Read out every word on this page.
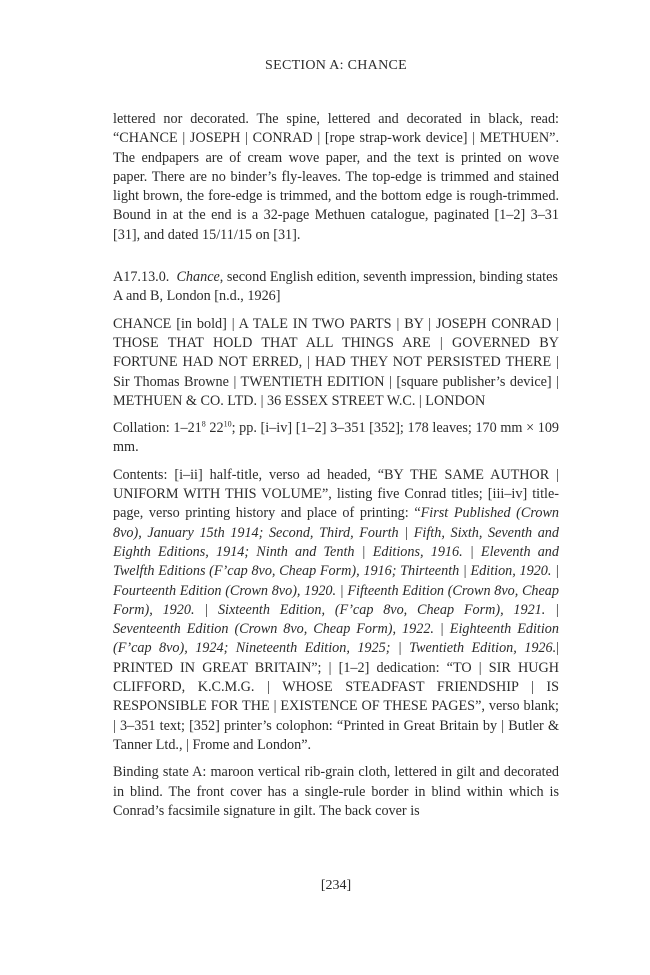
SECTION A: CHANCE

lettered nor decorated. The spine, lettered and decorated in black, read: “CHANCE | JOSEPH | CONRAD | [rope strap-work device] | METHUEN”. The endpapers are of cream wove paper, and the text is printed on wove paper. There are no binder’s fly-leaves. The top-edge is trimmed and stained light brown, the fore-edge is trimmed, and the bottom edge is rough-trimmed. Bound in at the end is a 32-page Methuen catalogue, paginated [1–2] 3–31 [31], and dated 15/11/15 on [31].

A17.13.0. Chance, second English edition, seventh impression, binding states A and B, London [n.d., 1926]

CHANCE [in bold] | A TALE IN TWO PARTS | BY | JOSEPH CONRAD | THOSE THAT HOLD THAT ALL THINGS ARE | GOVERNED BY FORTUNE HAD NOT ERRED, | HAD THEY NOT PERSISTED THERE | Sir Thomas Browne | TWENTIETH EDITION | [square publisher’s device] | METHUEN & CO. LTD. | 36 ESSEX STREET W.C. | LONDON

Collation: $1-21^8$ $22^{10}$; pp. [i–iv] [1–2] 3–351 [352]; 178 leaves; 170 mm × 109 mm.

Contents: [i–ii] half-title, verso ad headed, “BY THE SAME AUTHOR | UNIFORM WITH THIS VOLUME”, listing five Conrad titles; [iii–iv] title-page, verso printing history and place of printing: “First Published (Crown 8vo), January 15th 1914; Second, Third, Fourth | Fifth, Sixth, Seventh and Eighth Editions, 1914; Ninth and Tenth | Editions, 1916. | Eleventh and Twelfth Editions (F’cap 8vo, Cheap Form), 1916; Thirteenth | Edition, 1920. | Fourteenth Edition (Crown 8vo), 1920. | Fifteenth Edition (Crown 8vo, Cheap Form), 1920. | Sixteenth Edition, (F’cap 8vo, Cheap Form), 1921. | Seventeenth Edition (Crown 8vo, Cheap Form), 1922. | Eighteenth Edition (F’cap 8vo), 1924; Nineteenth Edition, 1925; | Twentieth Edition, 1926.| PRINTED IN GREAT BRITAIN”; | [1–2] dedication: “TO | SIR HUGH CLIFFORD, K.C.M.G. | WHOSE STEADFAST FRIENDSHIP | IS RESPONSIBLE FOR THE | EXISTENCE OF THESE PAGES”, verso blank; | 3–351 text; [352] printer’s colophon: “Printed in Great Britain by | Butler & Tanner Ltd., | Frome and London”.

Binding state A: maroon vertical rib-grain cloth, lettered in gilt and decorated in blind. The front cover has a single-rule border in blind within which is Conrad’s facsimile signature in gilt. The back cover is

[234]
